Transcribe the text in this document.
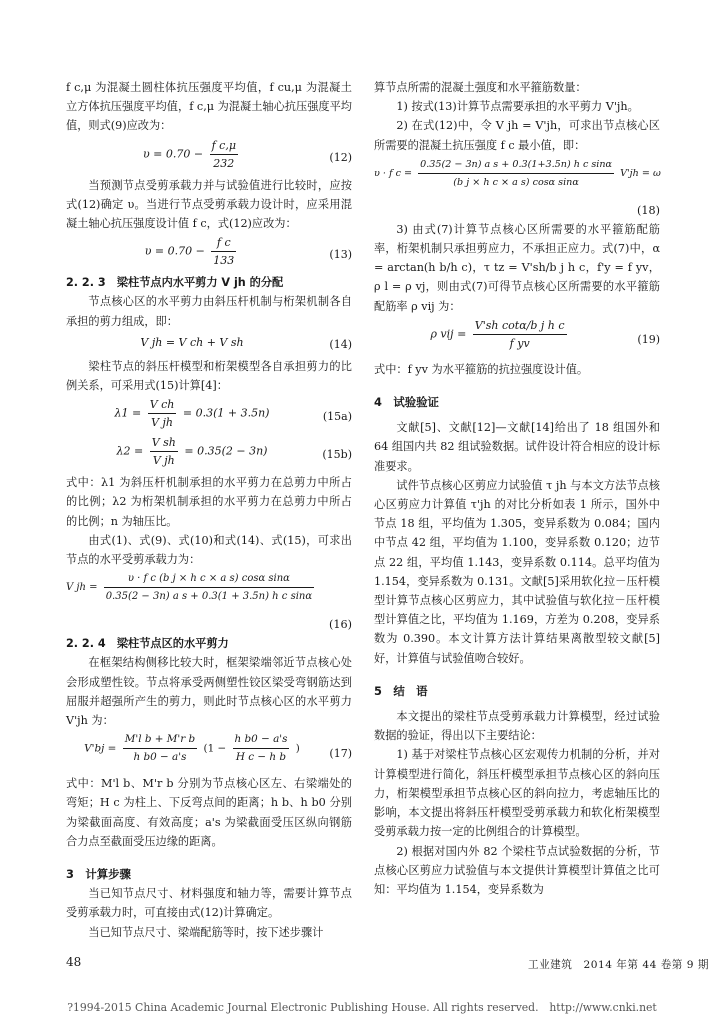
f c,μ 为混凝土圆柱体抗压强度平均值，f cu,μ 为混凝土立方体抗压强度平均值，f c,μ 为混凝土轴心抗压强度平均值，则式(9)应改为：

$\upsilon = 0.70 - \frac{\text{f c,μ}}{232}$	(12)

当预测节点受剪承载力并与试验值进行比较时，应按式(12)确定 υ。当进行节点受剪承载力设计时，应采用混凝土轴心抗压强度设计值 f c，式(12)应改为：

$\upsilon = 0.70 - \frac{\text{f c}}{133}$	(13)

2. 2. 3　梁柱节点内水平剪力 V jh 的分配

节点核心区的水平剪力由斜压杆机制与桁架机制各自承担的剪力组成，即：

V jh = V ch + V sh	(14)

梁柱节点的斜压杆模型和桁架模型各自承担剪力的比例关系，可采用式(15)计算[4]：

$\lambda 1 = \frac{\text{V ch}}{\text{V jh}} = 0.3(1 + 3.5n)$	(15a)
$\lambda 2 = \frac{\text{V sh}}{\text{V jh}} = 0.35(2 - 3n)$	(15b)

式中：λ1 为斜压杆机制承担的水平剪力在总剪力中所占的比例；λ2 为桁架机制承担的水平剪力在总剪力中所占的比例；n 为轴压比。

由式(1)、式(9)、式(10)和式(14)、式(15)，可求出节点的水平受剪承载力为：

V jh = $\frac{\text{υ · f c (b j × h c × a s) cosα sinα}}{\text{0.35(2 − 3n) a s + 0.3(1 + 3.5n) h c sinα}}$
(16)

2. 2. 4　梁柱节点区的水平剪力

在框架结构侧移比较大时，框架梁端邻近节点核心处会形成塑性铰。节点将承受两侧塑性铰区梁受弯钢筋达到屈服并超强所产生的剪力，则此时节点核心区的水平剪力 V'jh 为：

$V'bj = \frac{\text{M'l b + M'r b}}{\text{h b0 − a's}} (1 - \frac{\text{h b0 − a's}}{\text{H c − h b}}$ )	(17)

式中：M'l b、M'r b 分别为节点核心区左、右梁端处的弯矩；H c 为柱上、下反弯点间的距离；h b、h b0 分别为梁截面高度、有效高度；a's 为梁截面受压区纵向钢筋合力点至截面受压边缘的距离。

3　计算步骤

当已知节点尺寸、材料强度和轴力等，需要计算节点受剪承载力时，可直接由式(12)计算确定。

当已知节点尺寸、梁端配筋等时，按下述步骤计

算节点所需的混凝土强度和水平箍筋数量：

1) 按式(13)计算节点需要承担的水平剪力 V'jh。

2) 在式(12)中，令 V jh = V'jh，可求出节点核心区所需要的混凝土抗压强度 f c 最小值，即：

υ · f $c = \frac{\text{0.35(2 − 3n) a s + 0.3(1+3.5n) h c sinα}}{\text{(b j × h c × a s) cosα sinα}} V'jh = \omega$
(18)

3) 由式(7)计算节点核心区所需要的水平箍筋配筋率，桁架机制只承担剪应力，不承担正应力。式(7)中，α = arctan(h b/h c)，τ tz = V'sh/b j h c，f'y = f yv，ρ l = ρ vj，则由式(7)可得节点核心区所需要的水平箍筋配筋率 ρ vij 为：

ρ vij = $\frac{\text{V'sh cotα/b j h c}}{\text{f yv}}$	(19)

式中：f yv 为水平箍筋的抗拉强度设计值。

4　试验验证

文献[5]、文献[12]—文献[14]给出了 18 组国外和 64 组国内共 82 组试验数据。试件设计符合相应的设计标准要求。

试件节点核心区剪应力试验值 τ jh 与本文方法节点核心区剪应力计算值 τ'jh 的对比分析如表 1 所示，国外中节点 18 组，平均值为 1.305，变异系数为 0.084；国内中节点 42 组，平均值为 1.100，变异系数 0.120；边节点 22 组，平均值 1.143，变异系数 0.114。总平均值为 1.154，变异系数为 0.131。文献[5]采用软化拉－压杆模型计算节点核心区剪应力，其中试验值与软化拉－压杆模型计算值之比，平均值为 1.169，方差为 0.208，变异系数为 0.390。本文计算方法计算结果离散型较文献[5]好，计算值与试验值吻合较好。

5　结　语

本文提出的梁柱节点受剪承载力计算模型，经过试验数据的验证，得出以下主要结论：

1) 基于对梁柱节点核心区宏观传力机制的分析，并对计算模型进行简化，斜压杆模型承担节点核心区的斜向压力，桁架模型承担节点核心区的斜向拉力，考虑轴压比的影响，本文提出将斜压杆模型受剪承载力和软化桁架模型受剪承载力按一定的比例组合的计算模型。

2) 根据对国内外 82 个梁柱节点试验数据的分析，节点核心区剪应力试验值与本文提供计算模型计算值之比可知：平均值为 1.154，变异系数为

48	工业建筑　2014 年第 44 卷第 9 期
?1994-2015 China Academic Journal Electronic Publishing House. All rights reserved.　http://www.cnki.net
